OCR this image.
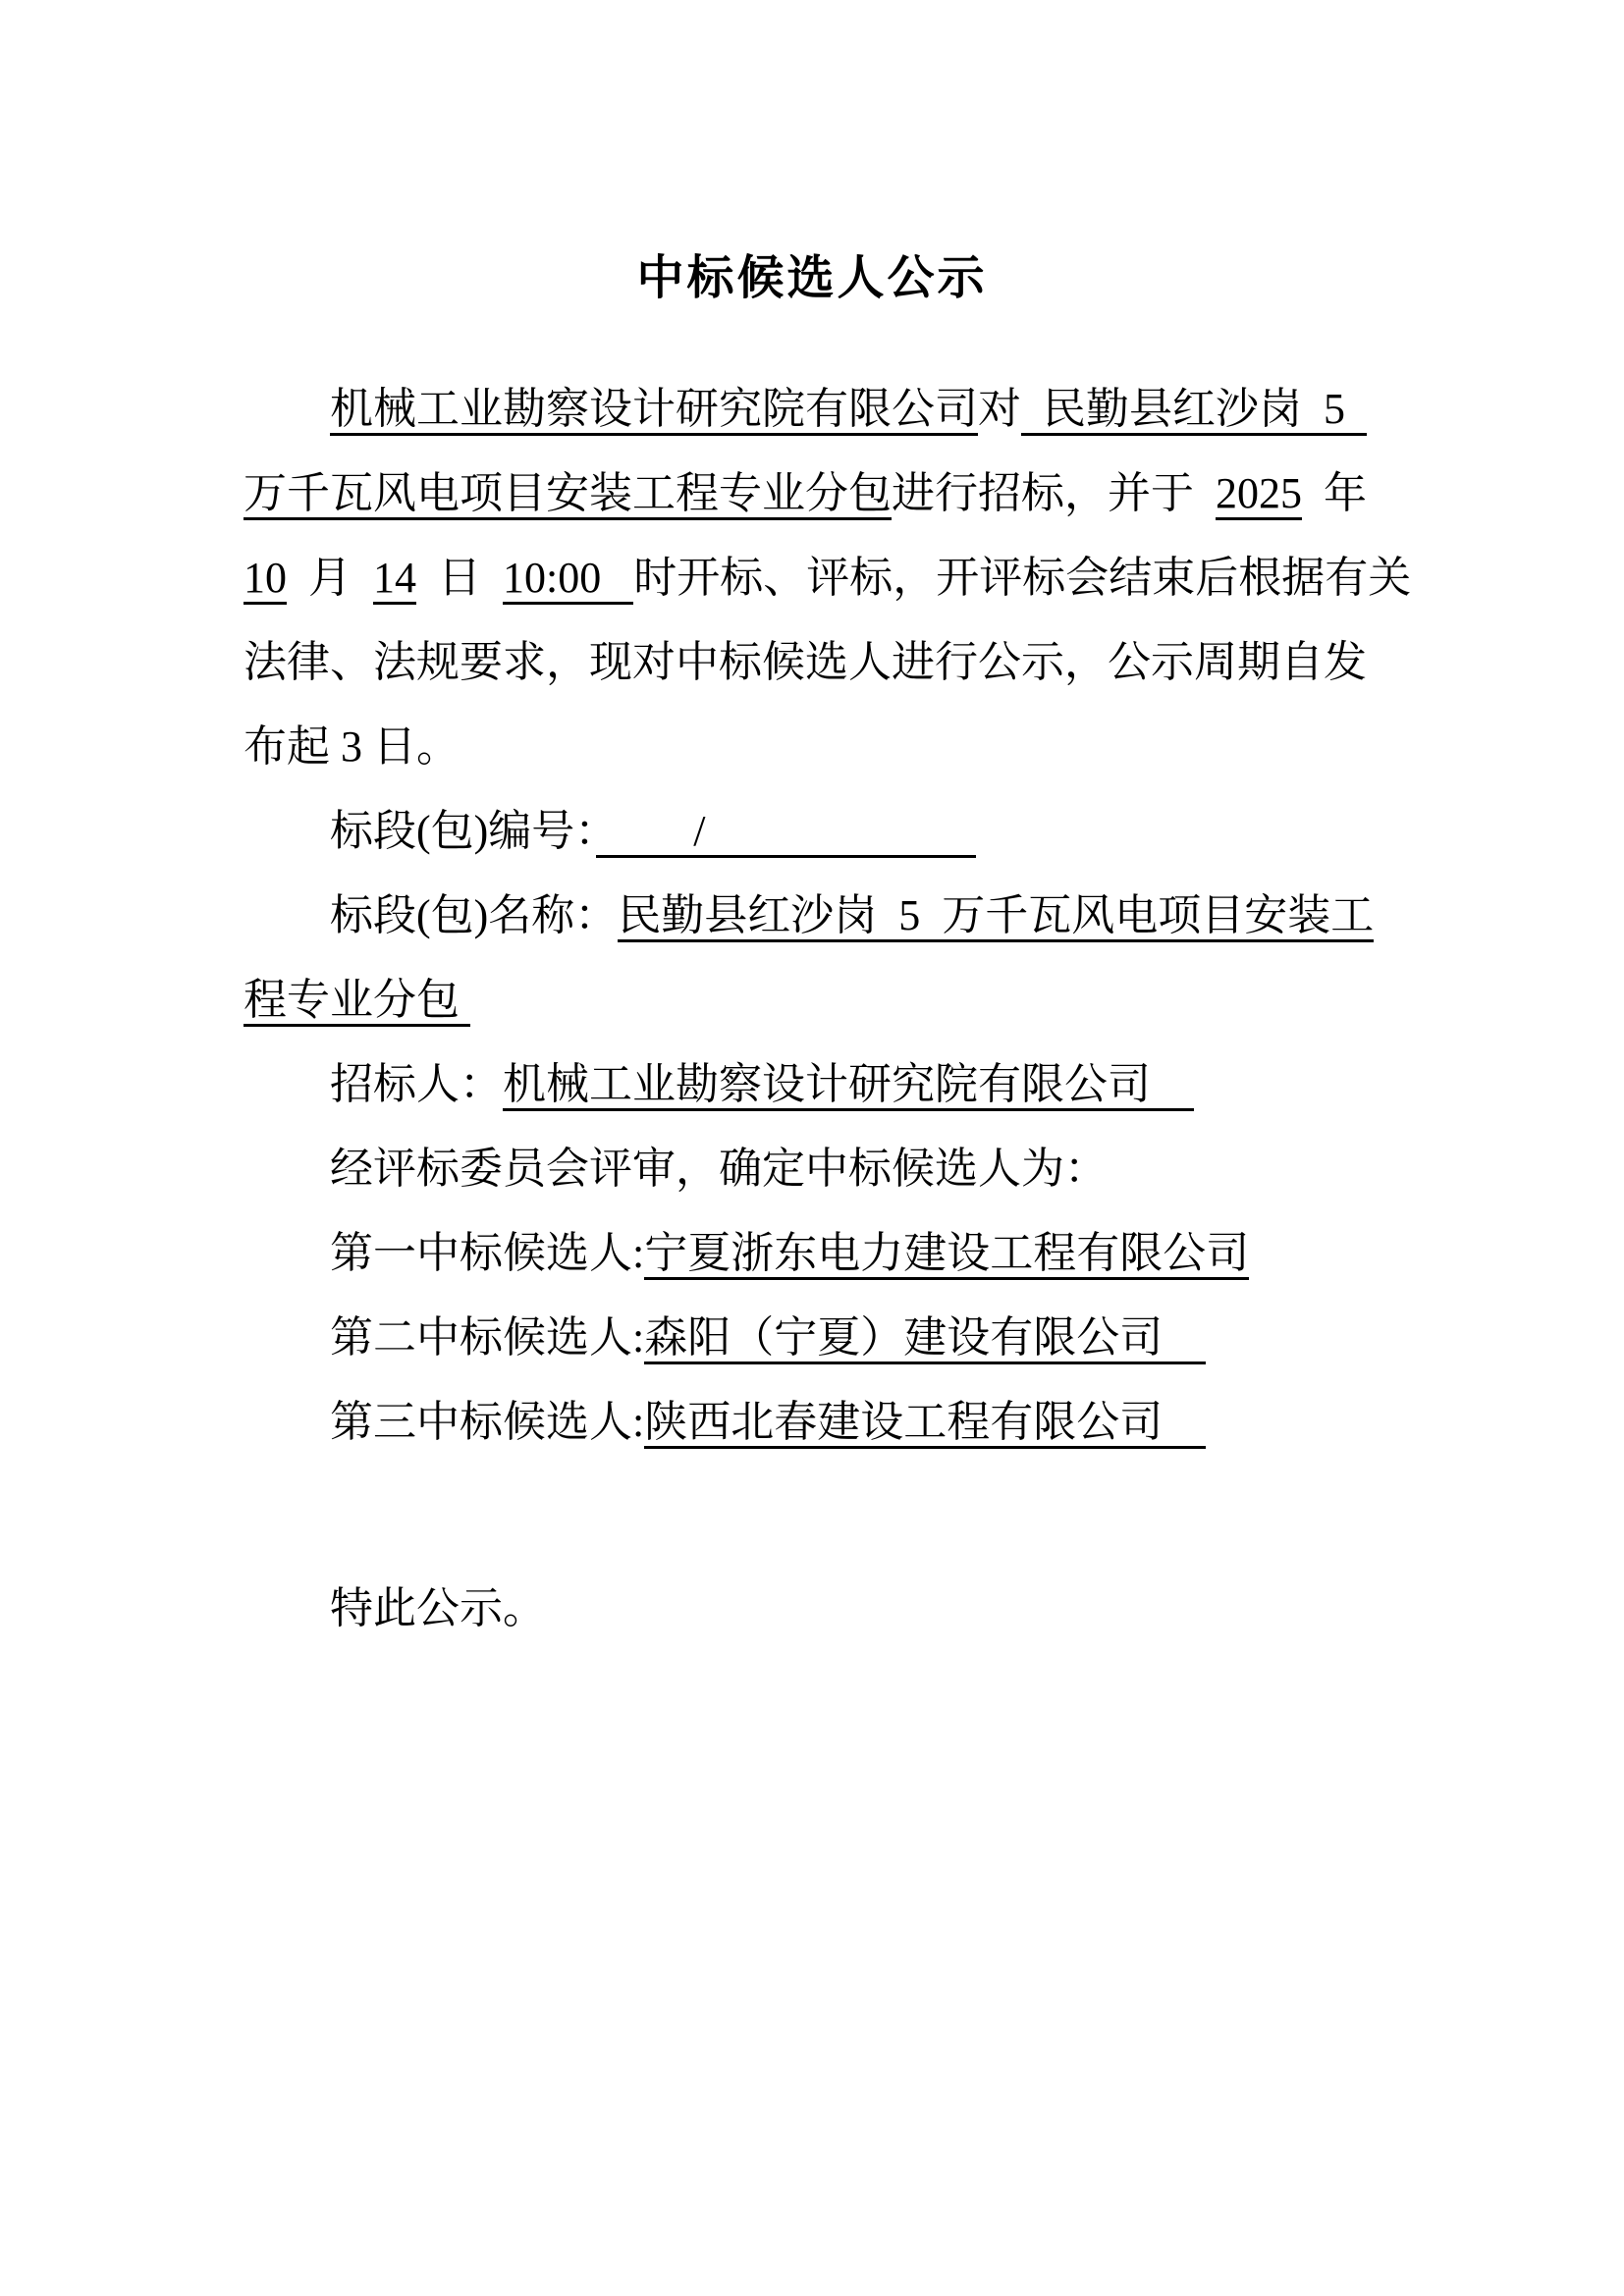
中标候选人公示
机械工业勘察设计研究院有限公司对  民勤县红沙岗  5
万千瓦风电项目安装工程专业分包进行招标，并于  2025  年
10  月  14  日  10:00   时开标、评标，开评标会结束后根据有关
法律、法规要求，现对中标候选人进行公示，公示周期自发
布起 3 日。
标段(包)编号：　　 /　　　　　　
标段(包)名称：民勤县红沙岗  5  万千瓦风电项目安装工
程专业分包
招标人：机械工业勘察设计研究院有限公司　
经评标委员会评审，确定中标候选人为：
第一中标候选人:宁夏浙东电力建设工程有限公司
第二中标候选人:森阳（宁夏）建设有限公司　
第三中标候选人:陕西北春建设工程有限公司　
特此公示。
